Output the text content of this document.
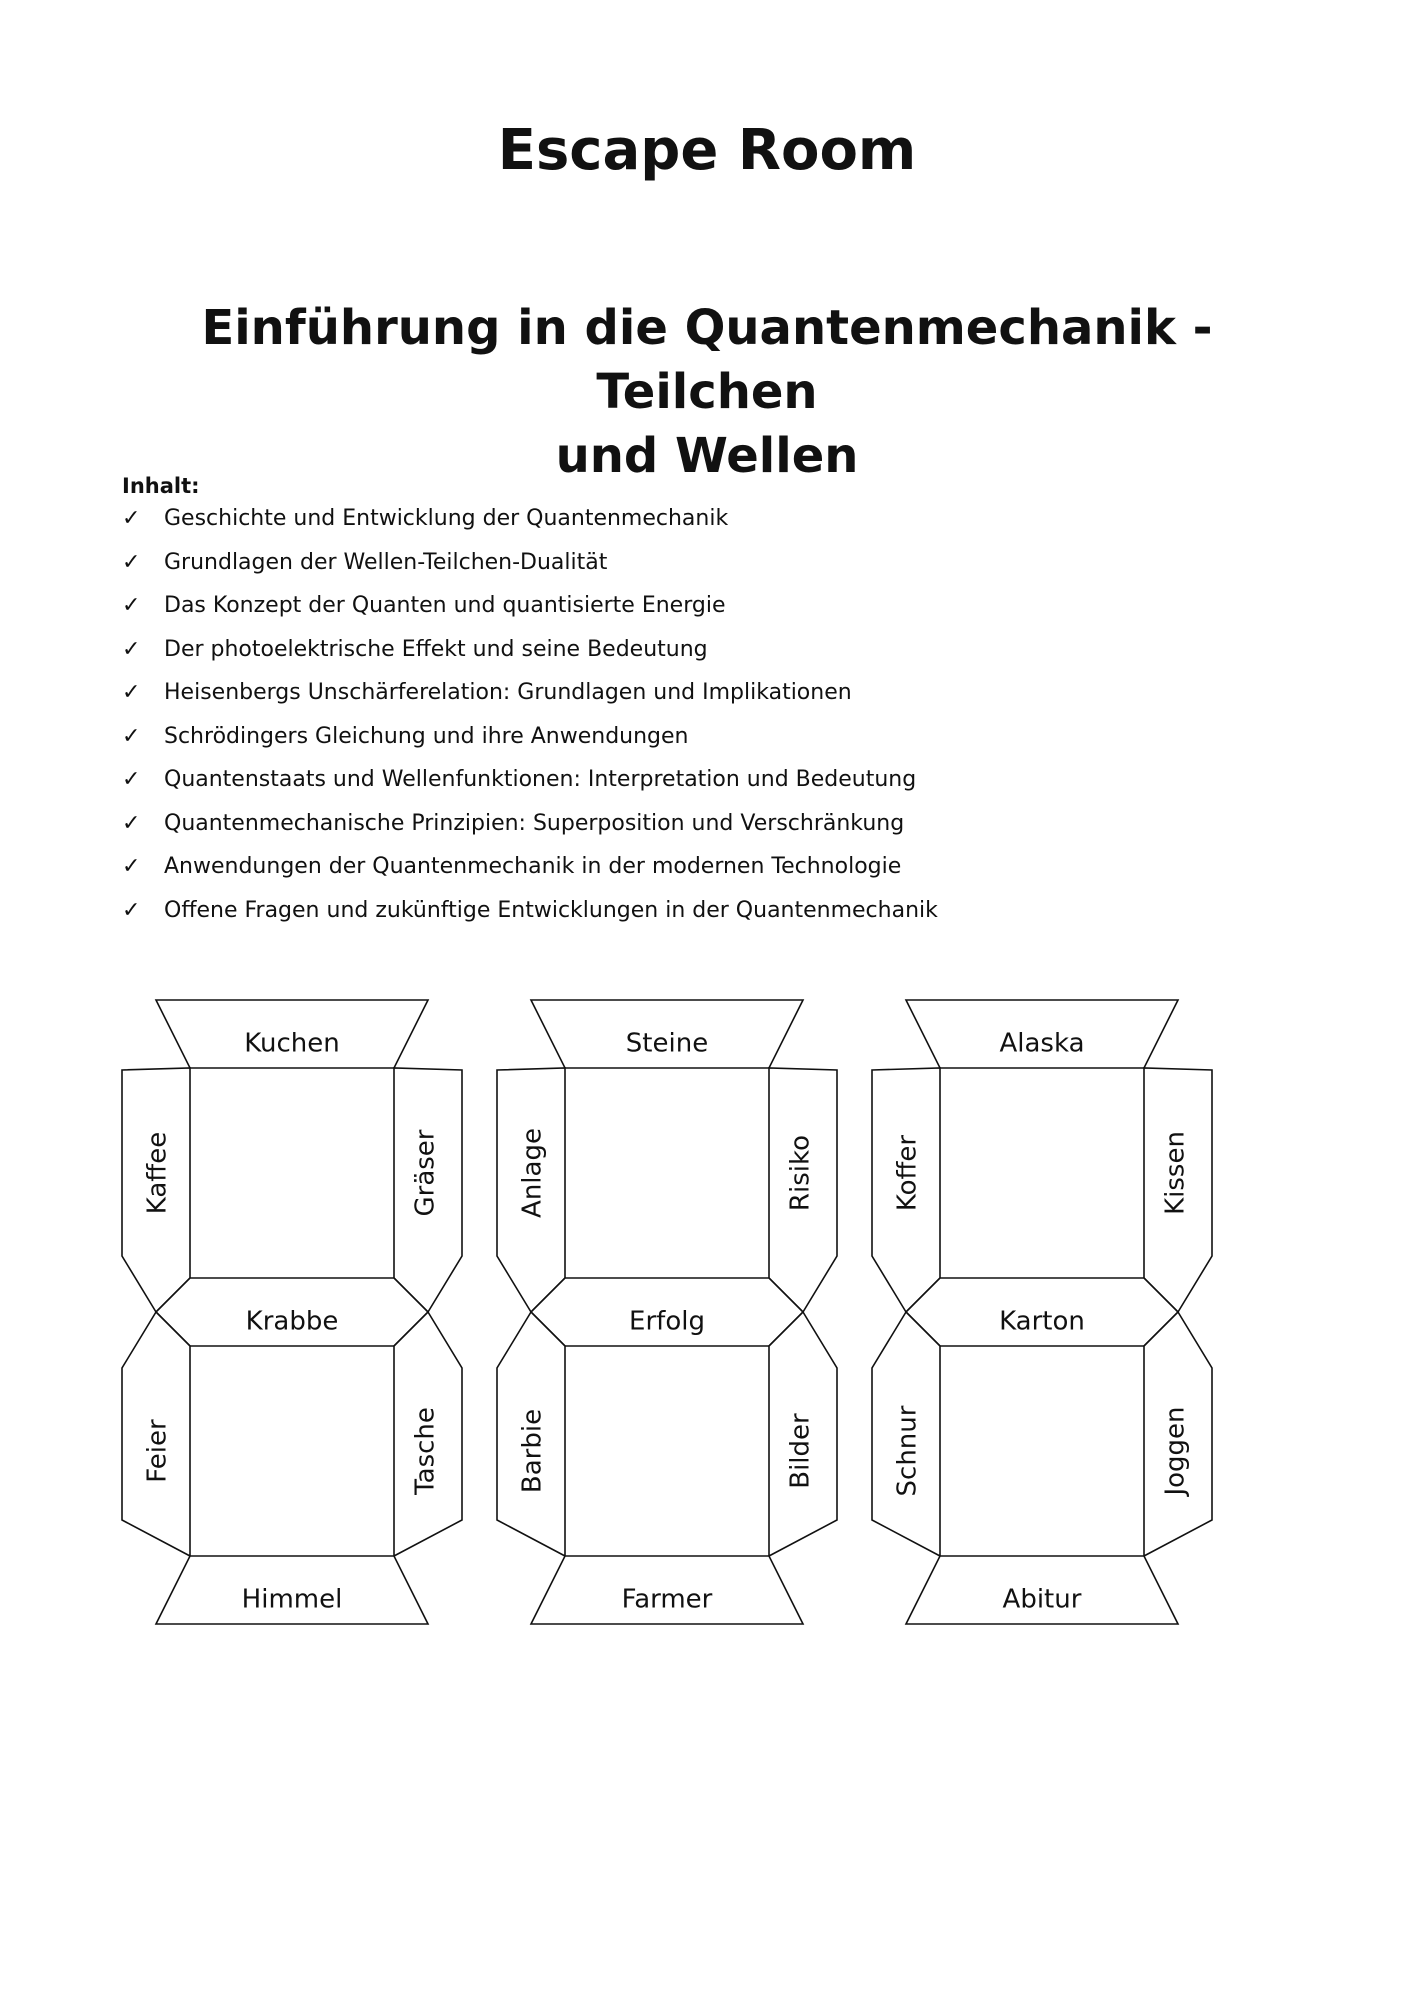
Escape Room
Einführung in die Quantenmechanik - Teilchen
und Wellen
Inhalt:
✓ Geschichte und Entwicklung der Quantenmechanik
✓ Grundlagen der Wellen-Teilchen-Dualität
✓ Das Konzept der Quanten und quantisierte Energie
✓ Der photoelektrische Effekt und seine Bedeutung
✓ Heisenbergs Unschärferelation: Grundlagen und Implikationen
✓ Schrödingers Gleichung und ihre Anwendungen
✓ Quantenstaats und Wellenfunktionen: Interpretation und Bedeutung
✓ Quantenmechanische Prinzipien: Superposition und Verschränkung
✓ Anwendungen der Quantenmechanik in der modernen Technologie
✓ Offene Fragen und zukünftige Entwicklungen in der Quantenmechanik
Kuchen
Kaffee	Gräser
Krabbe
Feier	Tasche
Himmel
Steine
Anlage	Risiko
Erfolg
Barbie	Bilder
Farmer
Alaska
Koffer	Kissen
Karton
Schnur	Joggen
Abitur
